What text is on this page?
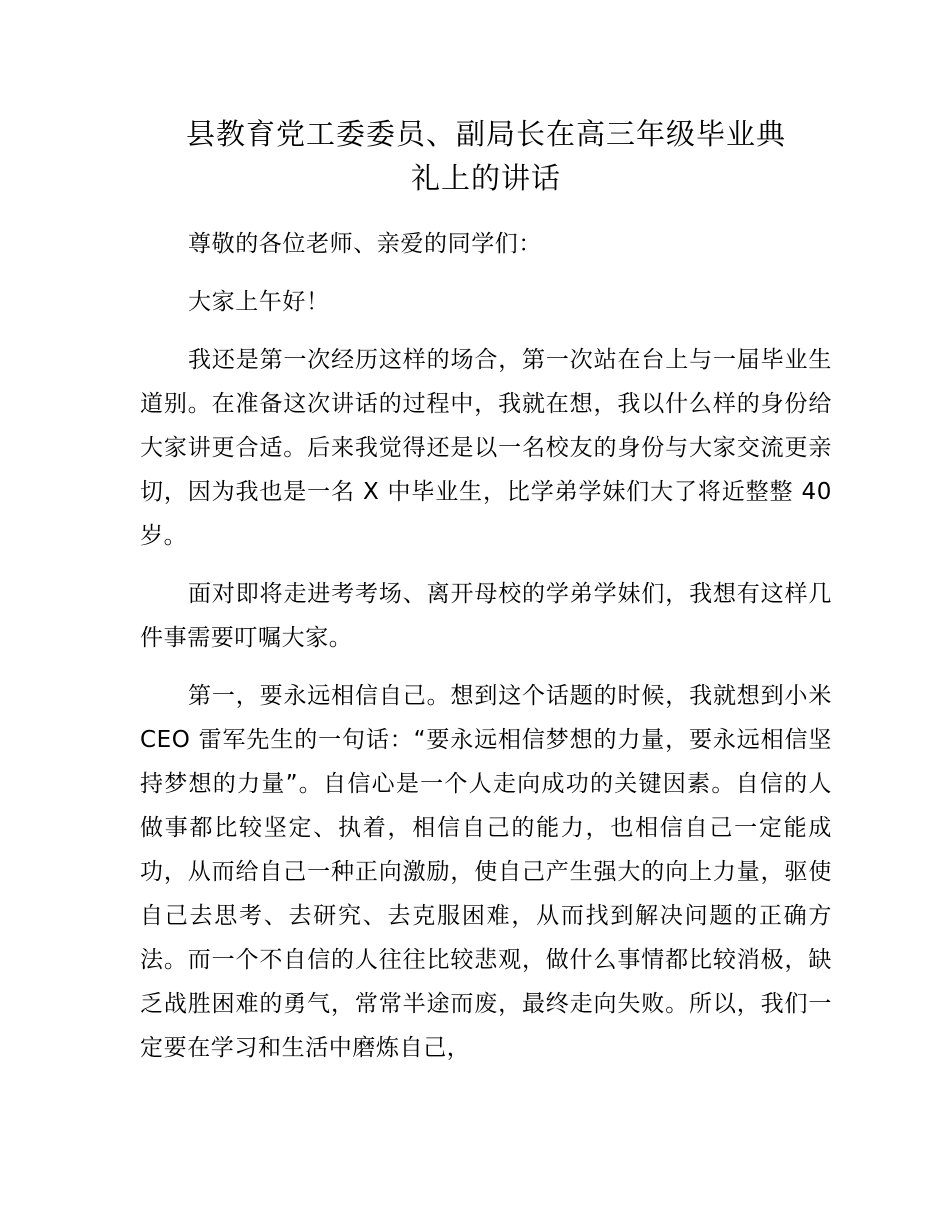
县教育党工委委员、副局长在高三年级毕业典
礼上的讲话

尊敬的各位老师、亲爱的同学们：

大家上午好！

我还是第一次经历这样的场合，第一次站在台上与一届毕业生道别。在准备这次讲话的过程中，我就在想，我以什么样的身份给大家讲更合适。后来我觉得还是以一名校友的身份与大家交流更亲切，因为我也是一名 X 中毕业生，比学弟学妹们大了将近整整 40 岁。

面对即将走进考考场、离开母校的学弟学妹们，我想有这样几件事需要叮嘱大家。

第一，要永远相信自己。想到这个话题的时候，我就想到小米 CEO 雷军先生的一句话：“要永远相信梦想的力量，要永远相信坚持梦想的力量”。自信心是一个人走向成功的关键因素。自信的人做事都比较坚定、执着，相信自己的能力，也相信自己一定能成功，从而给自己一种正向激励，使自己产生强大的向上力量，驱使自己去思考、去研究、去克服困难，从而找到解决问题的正确方法。而一个不自信的人往往比较悲观，做什么事情都比较消极，缺乏战胜困难的勇气，常常半途而废，最终走向失败。所以，我们一定要在学习和生活中磨炼自己，
